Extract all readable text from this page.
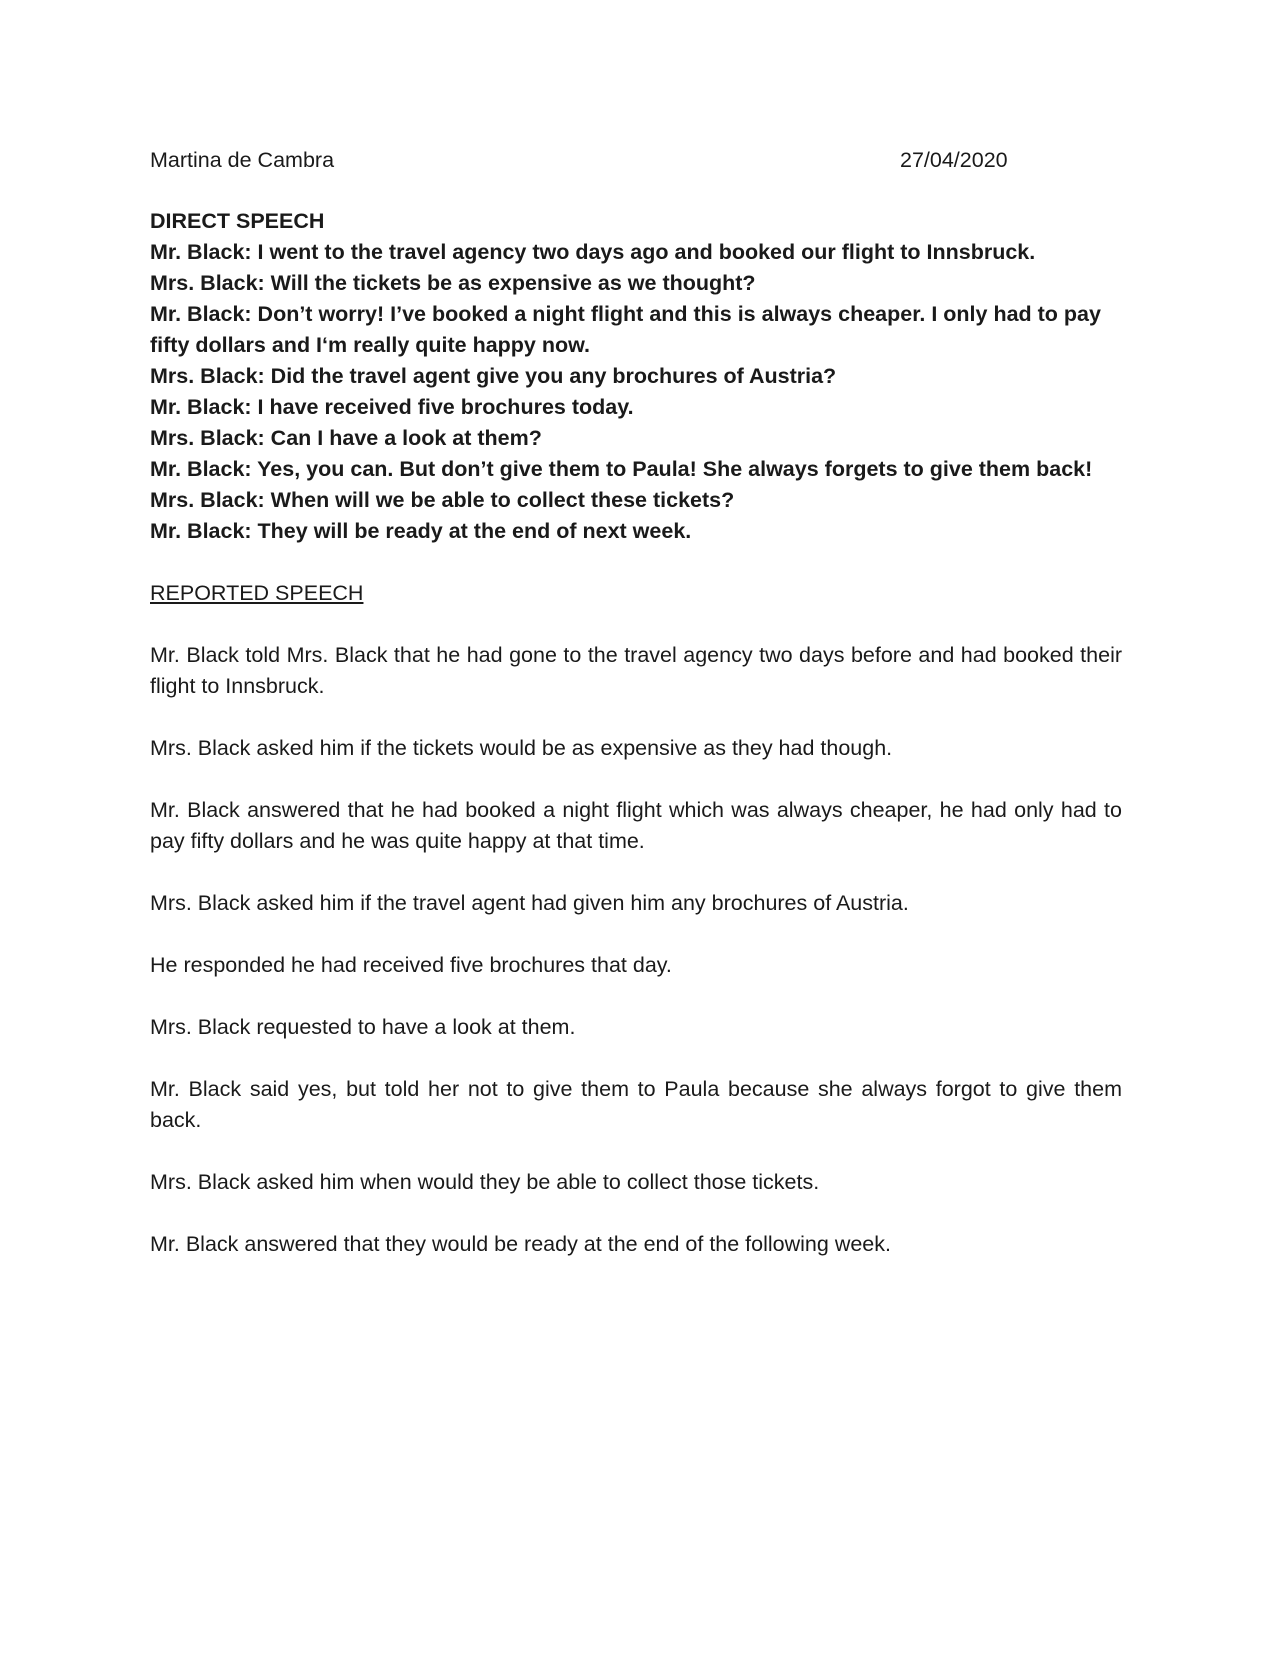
Martina de Cambra	27/04/2020
DIRECT SPEECH
Mr. Black: I went to the travel agency two days ago and booked our flight to Innsbruck.
Mrs. Black: Will the tickets be as expensive as we thought?
Mr. Black: Don’t worry! I’ve booked a night flight and this is always cheaper. I only had to pay fifty dollars and I‘m really quite happy now.
Mrs. Black: Did the travel agent give you any brochures of Austria?
Mr. Black: I have received five brochures today.
Mrs. Black: Can I have a look at them?
Mr. Black: Yes, you can. But don’t give them to Paula! She always forgets to give them back!
Mrs. Black: When will we be able to collect these tickets?
Mr. Black: They will be ready at the end of next week.
REPORTED SPEECH

Mr. Black told Mrs. Black that he had gone to the travel agency two days before and had booked their flight to Innsbruck.

Mrs. Black asked him if the tickets would be as expensive as they had though.

Mr. Black answered that he had booked a night flight which was always cheaper, he had only had to pay fifty dollars and he was quite happy at that time.

Mrs. Black asked him if the travel agent had given him any brochures of Austria.

He responded he had received five brochures that day.

Mrs. Black requested to have a look at them.

Mr. Black said yes, but told her not to give them to Paula because she always forgot to give them back.

Mrs. Black asked him when would they be able to collect those tickets.

Mr. Black answered that they would be ready at the end of the following week.
